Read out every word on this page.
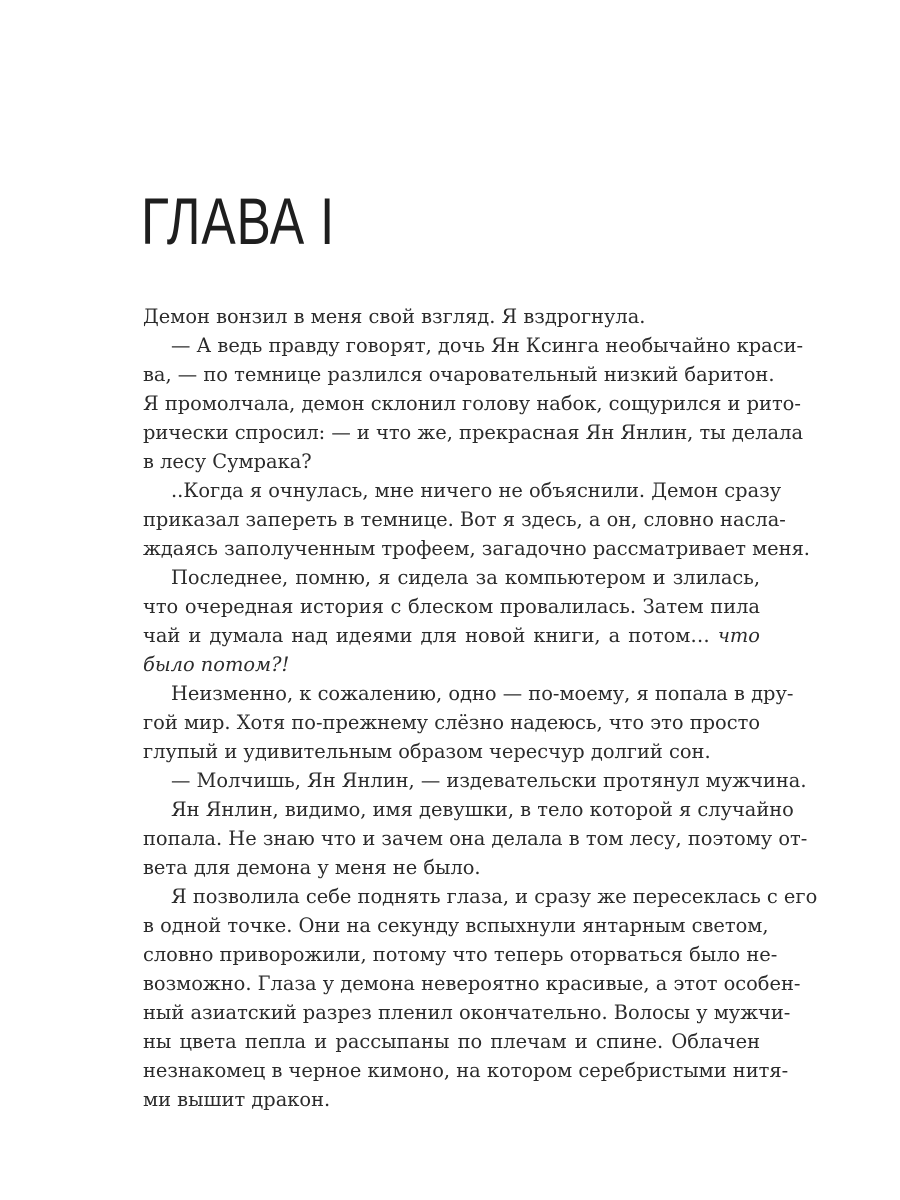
ГЛАВА I
Демон вонзил в меня свой взгляд. Я вздрогнула.
— А ведь правду говорят, дочь Ян Ксинга необычайно краси-
ва, — по темнице разлился очаровательный низкий баритон.
Я промолчала, демон склонил голову набок, сощурился и рито-
рически спросил: — и что же, прекрасная Ян Янлин, ты делала
в лесу Сумрака?
..Когда я очнулась, мне ничего не объяснили. Демон сразу
приказал запереть в темнице. Вот я здесь, а он, словно насла-
ждаясь заполученным трофеем, загадочно рассматривает меня.
Последнее, помню, я сидела за компьютером и злилась,
что очередная история с блеском провалилась. Затем пила
чай и думала над идеями для новой книги, а потом… что
было потом?!
Неизменно, к сожалению, одно — по-моему, я попала в дру-
гой мир. Хотя по-прежнему слёзно надеюсь, что это просто
глупый и удивительным образом чересчур долгий сон.
— Молчишь, Ян Янлин, — издевательски протянул мужчина.
Ян Янлин, видимо, имя девушки, в тело которой я случайно
попала. Не знаю что и зачем она делала в том лесу, поэтому от-
вета для демона у меня не было.
Я позволила себе поднять глаза, и сразу же пересеклась с его
в одной точке. Они на секунду вспыхнули янтарным светом,
словно приворожили, потому что теперь оторваться было не-
возможно. Глаза у демона невероятно красивые, а этот особен-
ный азиатский разрез пленил окончательно. Волосы у мужчи-
ны цвета пепла и рассыпаны по плечам и спине. Облачен
незнакомец в черное кимоно, на котором серебристыми нитя-
ми вышит дракон.
